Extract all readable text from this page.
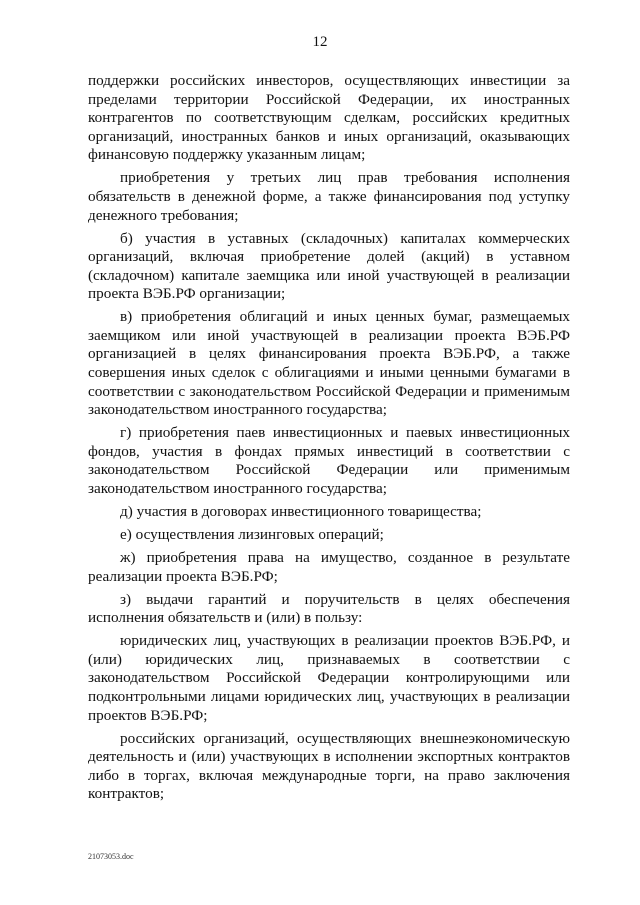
12

поддержки российских инвесторов, осуществляющих инвестиции за пределами территории Российской Федерации, их иностранных контрагентов по соответствующим сделкам, российских кредитных организаций, иностранных банков и иных организаций, оказывающих финансовую поддержку указанным лицам;

приобретения у третьих лиц прав требования исполнения обязательств в денежной форме, а также финансирования под уступку денежного требования;

б) участия в уставных (складочных) капиталах коммерческих организаций, включая приобретение долей (акций) в уставном (складочном) капитале заемщика или иной участвующей в реализации проекта ВЭБ.РФ организации;

в) приобретения облигаций и иных ценных бумаг, размещаемых заемщиком или иной участвующей в реализации проекта ВЭБ.РФ организацией в целях финансирования проекта ВЭБ.РФ, а также совершения иных сделок с облигациями и иными ценными бумагами в соответствии с законодательством Российской Федерации и применимым законодательством иностранного государства;

г) приобретения паев инвестиционных и паевых инвестиционных фондов, участия в фондах прямых инвестиций в соответствии с законодательством Российской Федерации или применимым законодательством иностранного государства;

д) участия в договорах инвестиционного товарищества;

е) осуществления лизинговых операций;

ж) приобретения права на имущество, созданное в результате реализации проекта ВЭБ.РФ;

з) выдачи гарантий и поручительств в целях обеспечения исполнения обязательств и (или) в пользу:

юридических лиц, участвующих в реализации проектов ВЭБ.РФ, и (или) юридических лиц, признаваемых в соответствии с законодательством Российской Федерации контролирующими или подконтрольными лицами юридических лиц, участвующих в реализации проектов ВЭБ.РФ;

российских организаций, осуществляющих внешнеэкономическую деятельность и (или) участвующих в исполнении экспортных контрактов либо в торгах, включая международные торги, на право заключения контрактов;

21073053.doc
